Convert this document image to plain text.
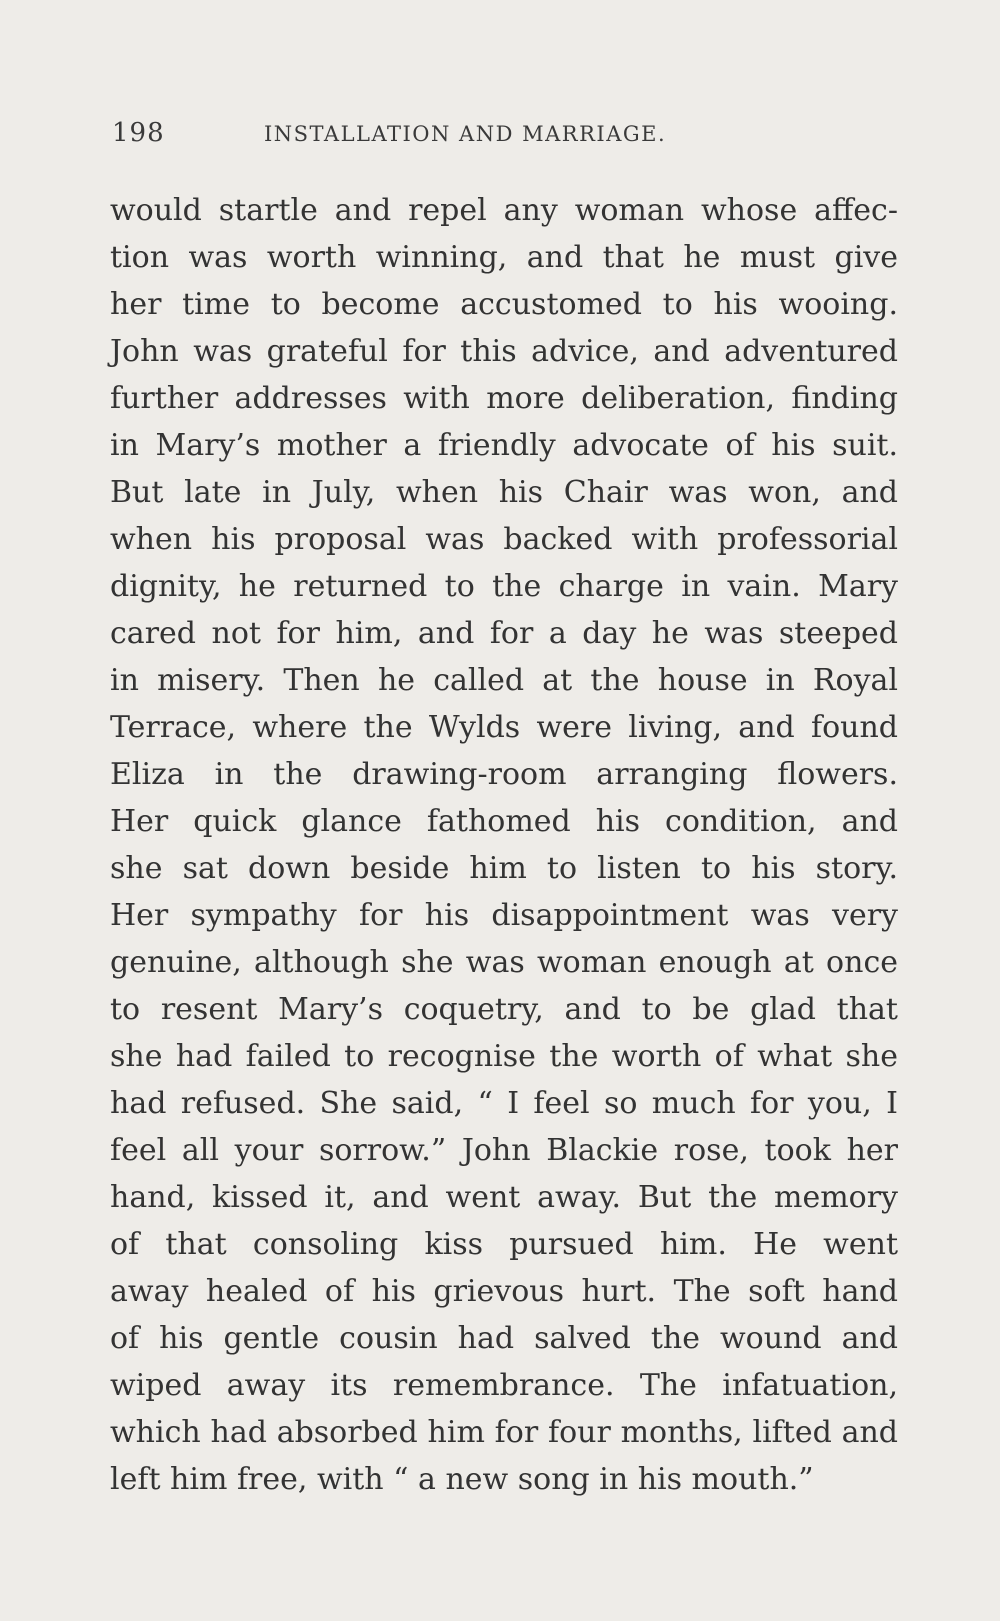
198	INSTALLATION AND MARRIAGE.
would startle and repel any woman whose affec-
tion was worth winning, and that he must give
her time to become accustomed to his wooing.
John was grateful for this advice, and adventured
further addresses with more deliberation, finding
in Mary’s mother a friendly advocate of his suit.
But late in July, when his Chair was won, and
when his proposal was backed with professorial
dignity, he returned to the charge in vain. Mary
cared not for him, and for a day he was steeped
in misery. Then he called at the house in Royal
Terrace, where the Wylds were living, and found
Eliza in the drawing-room arranging flowers.
Her quick glance fathomed his condition, and
she sat down beside him to listen to his story.
Her sympathy for his disappointment was very
genuine, although she was woman enough at once
to resent Mary’s coquetry, and to be glad that
she had failed to recognise the worth of what she
had refused. She said, “ I feel so much for you, I
feel all your sorrow.” John Blackie rose, took her
hand, kissed it, and went away. But the memory
of that consoling kiss pursued him. He went
away healed of his grievous hurt. The soft hand
of his gentle cousin had salved the wound and
wiped away its remembrance. The infatuation,
which had absorbed him for four months, lifted and
left him free, with “ a new song in his mouth.”
